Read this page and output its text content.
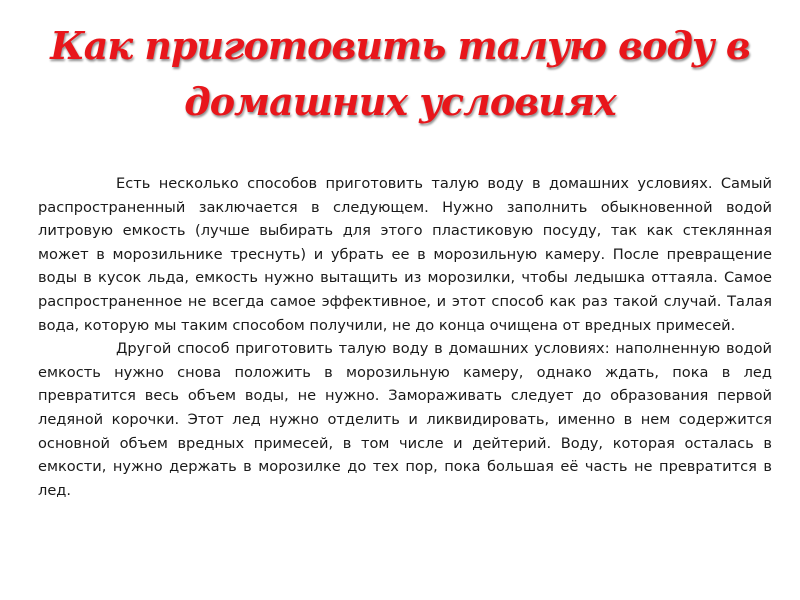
Как приготовить талую воду в
домашних условиях

Есть несколько способов приготовить талую воду в домашних условиях. Самый распространенный заключается в следующем. Нужно заполнить обыкновенной водой литровую емкость (лучше выбирать для этого пластиковую посуду, так как стеклянная может в морозильнике треснуть) и убрать ее в морозильную камеру. После превращение воды в кусок льда, емкость нужно вытащить из морозилки, чтобы ледышка оттаяла. Самое распространенное не всегда самое эффективное, и этот способ как раз такой случай. Талая вода, которую мы таким способом получили, не до конца очищена от вредных примесей.

Другой способ приготовить талую воду в домашних условиях: наполненную водой емкость нужно снова положить в морозильную камеру, однако ждать, пока в лед превратится весь объем воды, не нужно. Замораживать следует до образования первой ледяной корочки. Этот лед нужно отделить и ликвидировать, именно в нем содержится основной объем вредных примесей, в том числе и дейтерий. Воду, которая осталась в емкости, нужно держать в морозилке до тех пор, пока большая её часть не превратится в лед.
